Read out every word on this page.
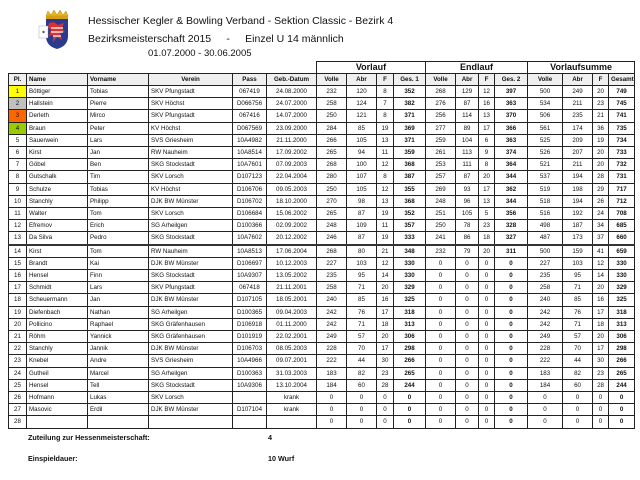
Hessischer Kegler & Bowling Verband - Sektion Classic - Bezirk 4
Bezirksmeisterschaft 2015 - Einzel U 14 männlich
01.07.2000 - 30.06.2005
						Vorlauf				Endlauf				Vorlaufsumme			
Pl.	Name	Vorname	Verein	Pass	Geb.-Datum	Volle	Abr	F	Ges. 1	Volle	Abr	F	Ges. 2	Volle	Abr	F	Gesamt
1	Böttiger	Tobias	SKV Pfungstadt	067419	24.08.2000	232	120	8	352	268	129	12	397	500	249	20	749
2	Hallstein	Pierre	SKV Höchst	D066756	24.07.2000	258	124	7	382	276	87	16	363	534	211	23	745
3	Derleth	Mirco	SKV Pfungstadt	067416	14.07.2000	250	121	8	371	256	114	13	370	506	235	21	741
4	Braun	Peter	KV Höchst	D067569	23.09.2000	284	85	19	369	277	89	17	366	561	174	36	735
5	Sauerwein	Lars	SVS Griesheim	10A4982	21.11.2000	266	105	13	371	259	104	6	363	525	209	19	734
6	Kirst	Jan	RW Nauheim	10A8514	17.09.2002	265	94	11	359	261	113	9	374	526	207	20	733
7	Göbel	Ben	SKG Stockstadt	10A7601	07.09.2003	268	100	12	368	253	111	8	364	521	211	20	732
8	Gutschalk	Tim	SKV Lorsch	D107123	22.04.2004	280	107	8	387	257	87	20	344	537	194	28	731
9	Schulze	Tobias	KV Höchst	D106706	09.05.2003	250	105	12	355	269	93	17	362	519	198	29	717
10	Stanchly	Philipp	DJK BW Münster	D106702	18.10.2000	270	98	13	368	248	96	13	344	518	194	26	712
11	Walter	Tom	SKV Lorsch	D106684	15.06.2002	265	87	19	352	251	105	5	356	516	192	24	708
12	Efremov	Erich	SG Arheilgen	D100366	02.09.2002	248	109	11	357	250	78	23	328	498	187	34	685
13	Da Silva	Pedro	SKG Stockstadt	10A7602	20.12.2002	246	87	19	333	241	86	18	327	487	173	37	660
14	Kirst	Tom	RW Nauheim	10A8513	17.06.2004	268	80	21	348	232	79	20	311	500	159	41	659
15	Brandt	Kai	DJK BW Münster	D106697	10.12.2003	227	103	12	330	0	0	0	0	227	103	12	330
16	Hensel	Finn	SKG Stockstadt	10A9307	13.05.2002	235	95	14	330	0	0	0	0	235	95	14	330
17	Schmidt	Lars	SKV Pfungstadt	067418	21.11.2001	258	71	20	329	0	0	0	0	258	71	20	329
18	Scheuermann	Jan	DJK BW Münster	D107105	18.05.2001	240	85	16	325	0	0	0	0	240	85	16	325
19	Diefenbach	Nathan	SG Arheilgen	D100365	09.04.2003	242	76	17	318	0	0	0	0	242	76	17	318
20	Pollicino	Raphael	SKG Gräfenhausen	D106918	01.11.2000	242	71	18	313	0	0	0	0	242	71	18	313
21	Röhm	Yannick	SKG Gräfenhausen	D101919	22.02.2001	249	57	20	306	0	0	0	0	249	57	20	306
22	Stanchly	Jannik	DJK BW Münster	D106703	08.05.2003	228	70	17	298	0	0	0	0	228	70	17	298
23	Knebel	Andre	SVS Griesheim	10A4966	09.07.2001	222	44	30	266	0	0	0	0	222	44	30	266
24	Gutheil	Marcel	SG Arheilgen	D100363	31.03.2003	183	82	23	265	0	0	0	0	183	82	23	265
25	Hensel	Tell	SKG Stockstadt	10A9306	13.10.2004	184	60	28	244	0	0	0	0	184	60	28	244
26	Hofmann	Lukas	SKV Lorsch		krank	0	0	0	0	0	0	0	0	0	0	0	0
27	Masovic	Erdil	DJK BW Münster	D107104	krank	0	0	0	0	0	0	0	0	0	0	0	0
28						0	0	0	0	0	0	0	0	0	0	0	0
Zuteilung zur Hessenmeisterschaft:	4
Einspieldauer:	10 Wurf
